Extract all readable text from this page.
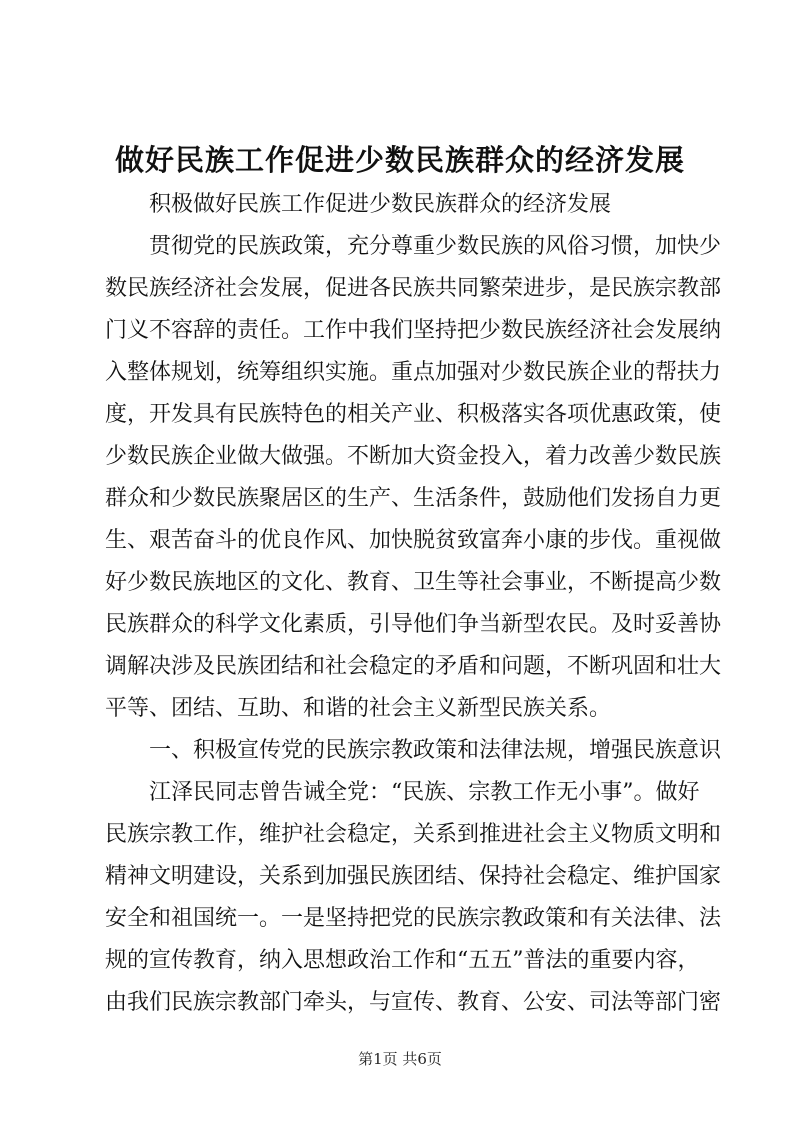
做好民族工作促进少数民族群众的经济发展
积极做好民族工作促进少数民族群众的经济发展
贯彻党的民族政策，充分尊重少数民族的风俗习惯，加快少
数民族经济社会发展，促进各民族共同繁荣进步，是民族宗教部
门义不容辞的责任。工作中我们坚持把少数民族经济社会发展纳
入整体规划，统筹组织实施。重点加强对少数民族企业的帮扶力
度，开发具有民族特色的相关产业、积极落实各项优惠政策，使
少数民族企业做大做强。不断加大资金投入，着力改善少数民族
群众和少数民族聚居区的生产、生活条件，鼓励他们发扬自力更
生、艰苦奋斗的优良作风、加快脱贫致富奔小康的步伐。重视做
好少数民族地区的文化、教育、卫生等社会事业，不断提高少数
民族群众的科学文化素质，引导他们争当新型农民。及时妥善协
调解决涉及民族团结和社会稳定的矛盾和问题，不断巩固和壮大
平等、团结、互助、和谐的社会主义新型民族关系。
一、积极宣传党的民族宗教政策和法律法规，增强民族意识
江泽民同志曾告诫全党：“民族、宗教工作无小事”。做好
民族宗教工作，维护社会稳定，关系到推进社会主义物质文明和
精神文明建设，关系到加强民族团结、保持社会稳定、维护国家
安全和祖国统一。一是坚持把党的民族宗教政策和有关法律、法
规的宣传教育，纳入思想政治工作和“五五”普法的重要内容，
由我们民族宗教部门牵头，与宣传、教育、公安、司法等部门密
第1页 共6页
